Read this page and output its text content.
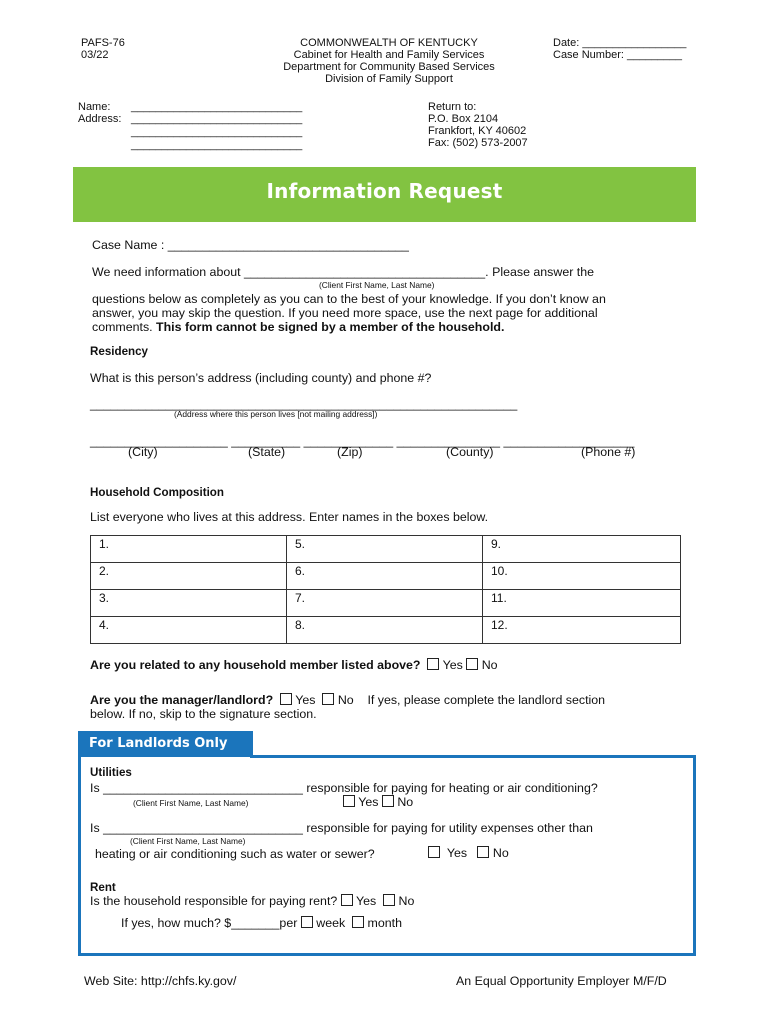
PAFS-76
03/22
COMMONWEALTH OF KENTUCKY
Cabinet for Health and Family Services
Department for Community Based Services
Division of Family Support
Date: _________________
Case Number: _________
Name: ____________________________
Address: ____________________________
____________________________
____________________________
Return to:
P.O. Box 2104
Frankfort, KY 40602
Fax: (502) 573-2007
Information Request
Case Name : ___________________________________
We need information about ___________________________________. Please answer the
(Client First Name, Last Name)
questions below as completely as you can to the best of your knowledge. If you don’t know an
answer, you may skip the question. If you need more space, use the next page for additional
comments. This form cannot be signed by a member of the household.
Residency
What is this person’s address (including county) and phone #?
______________________________________________________________
(Address where this person lives [not mailing address])
____________________ __________ _____________ _______________ ___________________
(City)	(State)	(Zip)	(County)	(Phone #)
Household Composition
List everyone who lives at this address. Enter names in the boxes below.
1.	5.	9.
2.	6.	10.
3.	7.	11.
4.	8.	12.
Are you related to any household member listed above? Yes No
Are you the manager/landlord? Yes No If yes, please complete the landlord section
below. If no, skip to the signature section.
For Landlords Only
Utilities
Is _____________________________ responsible for paying for heating or air conditioning?
(Client First Name, Last Name)	Yes No
Is _____________________________ responsible for paying for utility expenses other than
(Client First Name, Last Name)
heating or air conditioning such as water or sewer?	Yes No
Rent
Is the household responsible for paying rent? Yes No
If yes, how much? $_______per week month
Web Site: http://chfs.ky.gov/	An Equal Opportunity Employer M/F/D
